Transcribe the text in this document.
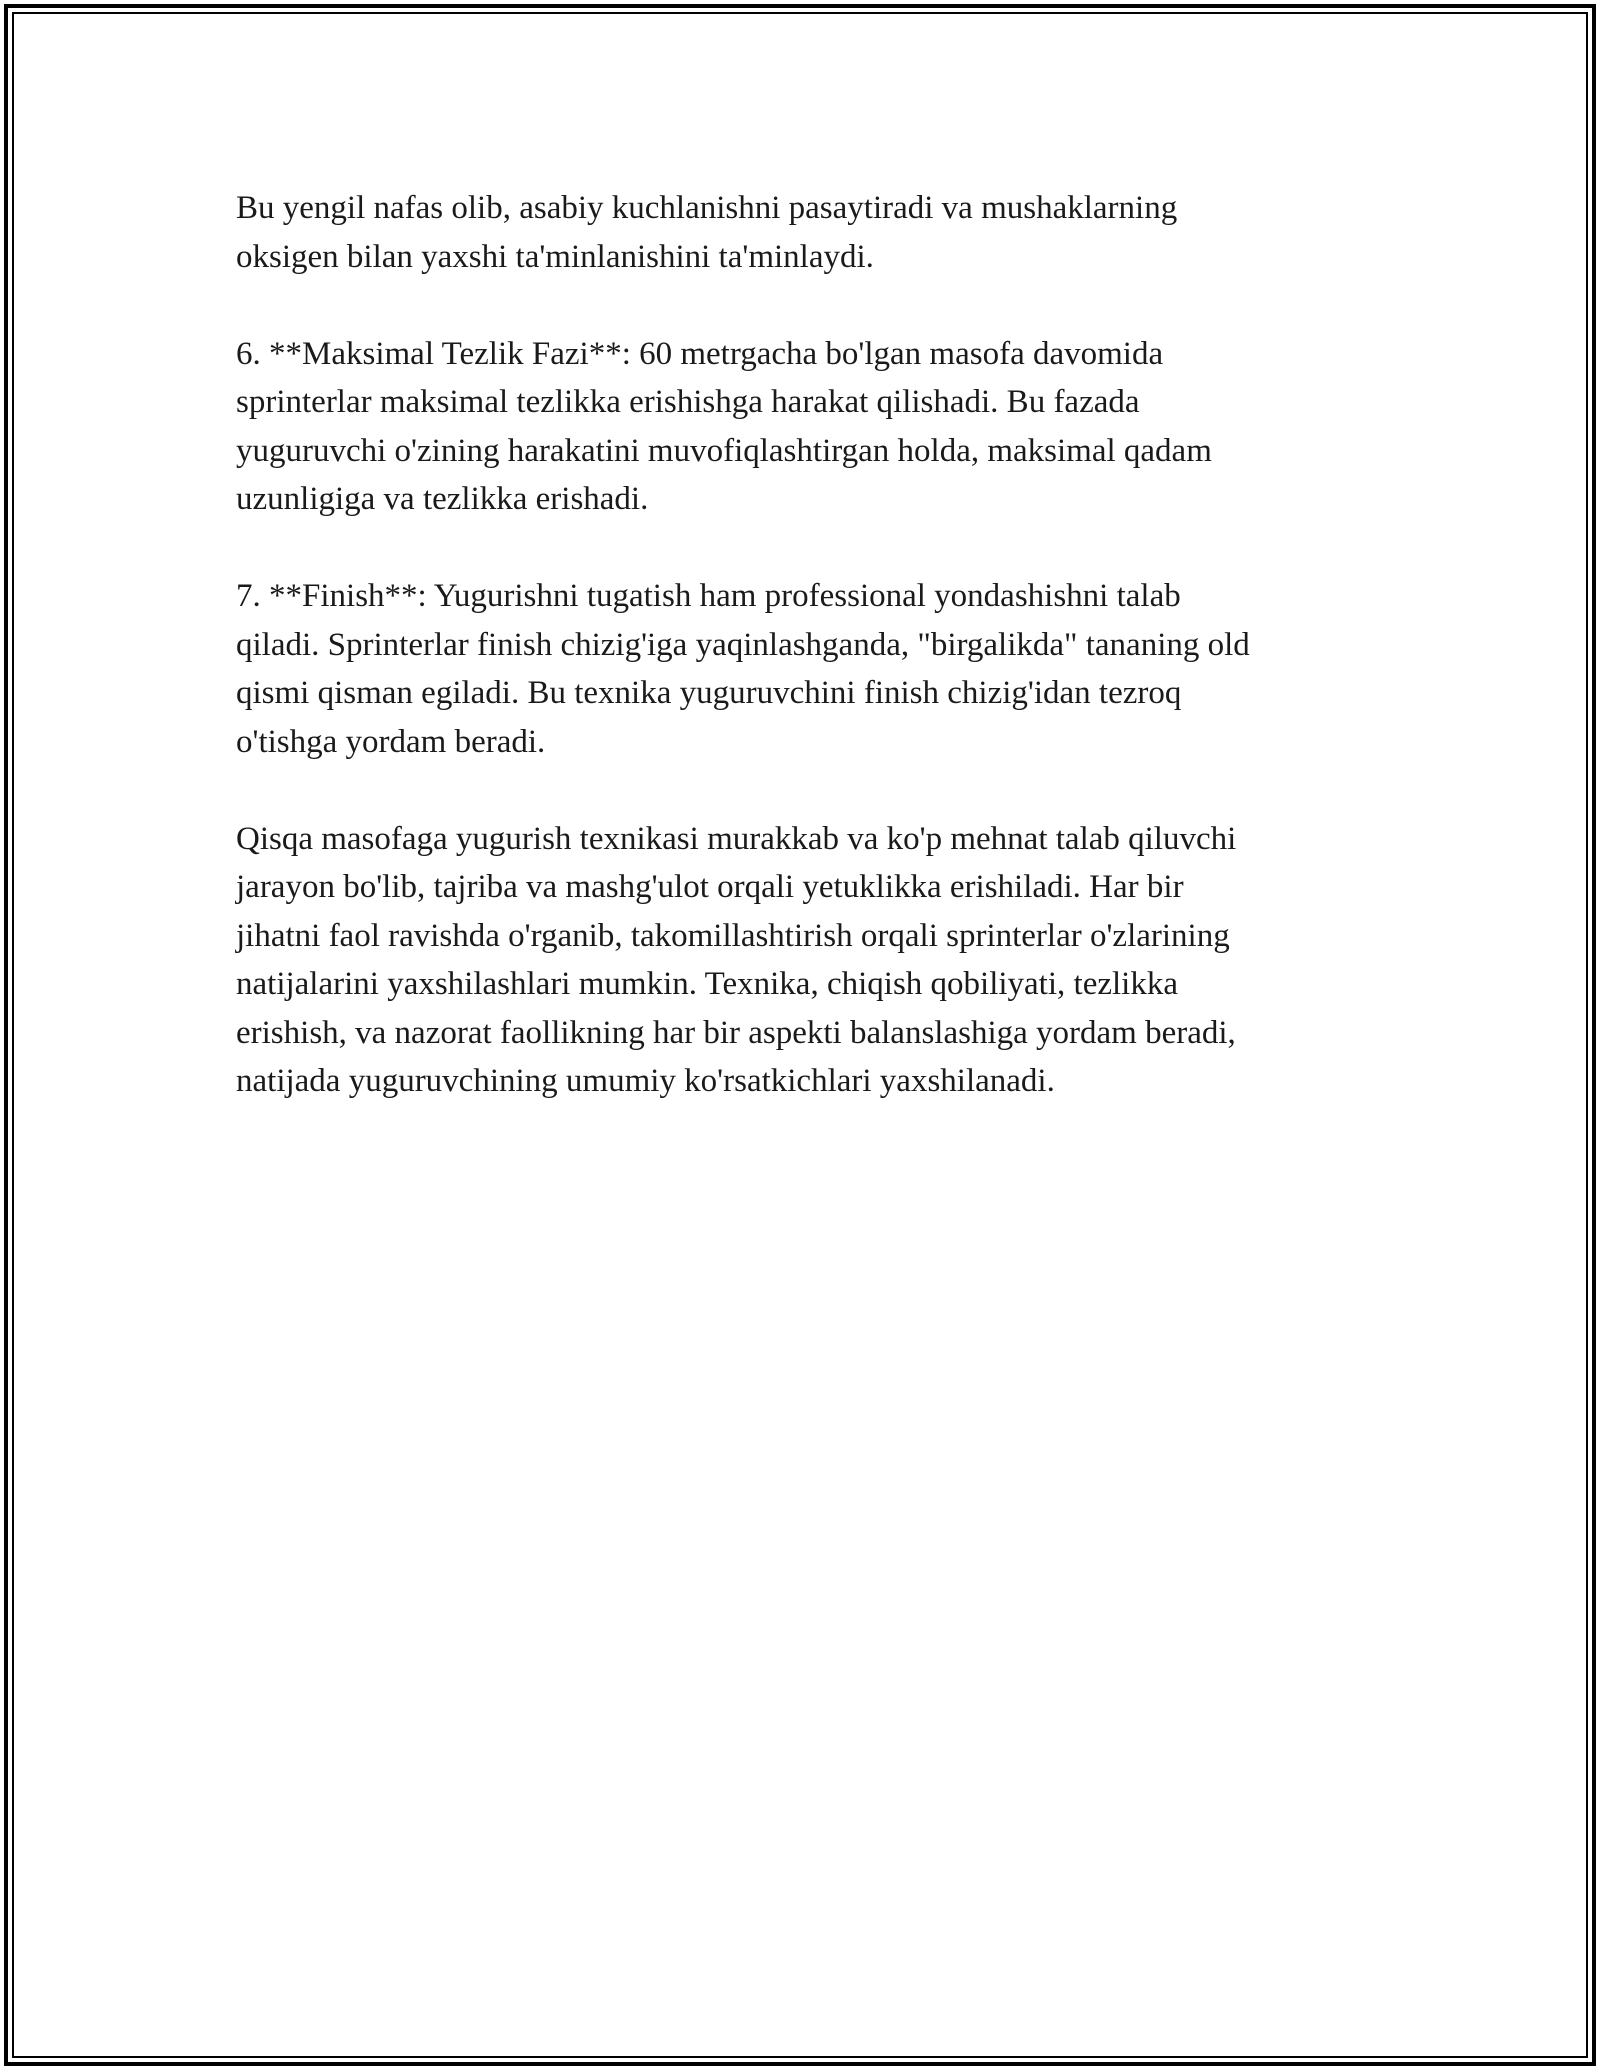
Bu yengil nafas olib, asabiy kuchlanishni pasaytiradi va mushaklarning
oksigen bilan yaxshi ta'minlanishini ta'minlaydi.

6. **Maksimal Tezlik Fazi**: 60 metrgacha bo'lgan masofa davomida
sprinterlar maksimal tezlikka erishishga harakat qilishadi. Bu fazada
yuguruvchi o'zining harakatini muvofiqlashtirgan holda, maksimal qadam
uzunligiga va tezlikka erishadi.

7. **Finish**: Yugurishni tugatish ham professional yondashishni talab
qiladi. Sprinterlar finish chizig'iga yaqinlashganda, "birgalikda" tananing old
qismi qisman egiladi. Bu texnika yuguruvchini finish chizig'idan tezroq
o'tishga yordam beradi.

Qisqa masofaga yugurish texnikasi murakkab va ko'p mehnat talab qiluvchi
jarayon bo'lib, tajriba va mashg'ulot orqali yetuklikka erishiladi. Har bir
jihatni faol ravishda o'rganib, takomillashtirish orqali sprinterlar o'zlarining
natijalarini yaxshilashlari mumkin. Texnika, chiqish qobiliyati, tezlikka
erishish, va nazorat faollikning har bir aspekti balanslashiga yordam beradi,
natijada yuguruvchining umumiy ko'rsatkichlari yaxshilanadi.
